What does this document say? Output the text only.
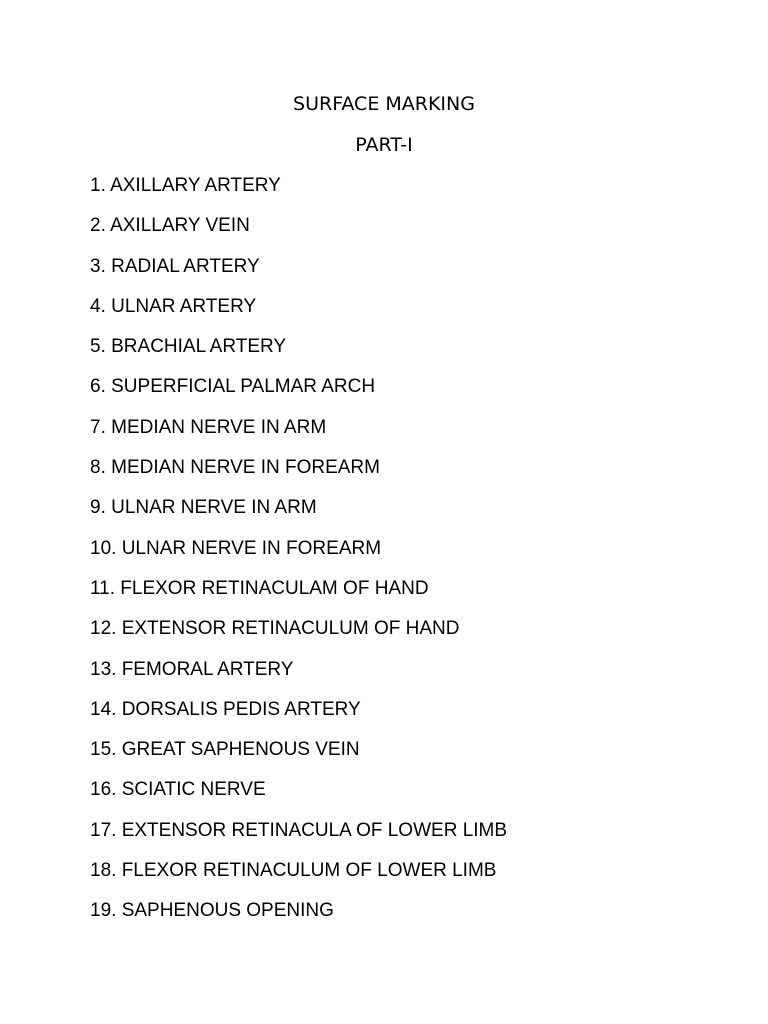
SURFACE MARKING
PART-I
1. AXILLARY ARTERY
2. AXILLARY VEIN
3. RADIAL ARTERY
4. ULNAR ARTERY
5. BRACHIAL ARTERY
6. SUPERFICIAL PALMAR ARCH
7. MEDIAN NERVE IN ARM
8. MEDIAN NERVE IN FOREARM
9. ULNAR NERVE IN ARM
10. ULNAR NERVE IN FOREARM
11. FLEXOR RETINACULAM OF HAND
12. EXTENSOR RETINACULUM OF HAND
13. FEMORAL ARTERY
14. DORSALIS PEDIS ARTERY
15. GREAT SAPHENOUS VEIN
16. SCIATIC NERVE
17. EXTENSOR RETINACULA OF LOWER LIMB
18. FLEXOR RETINACULUM OF LOWER LIMB
19. SAPHENOUS OPENING
